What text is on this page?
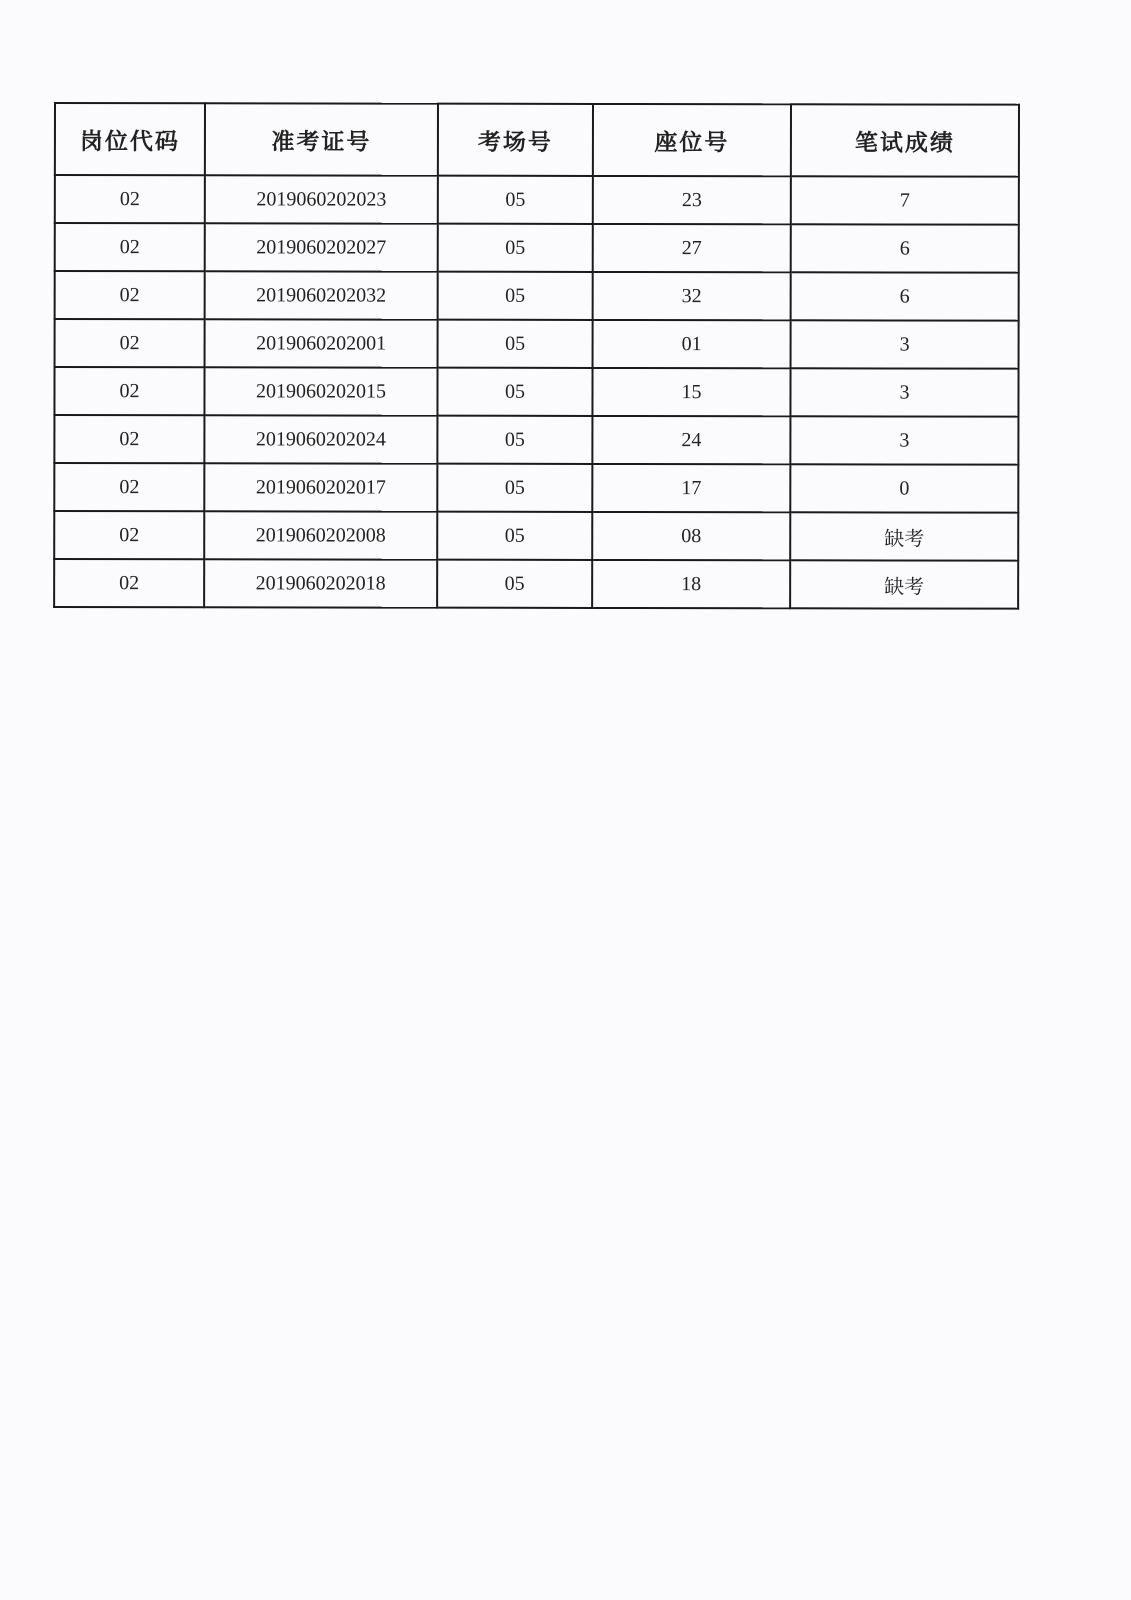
岗位代码	准考证号	考场号	座位号	笔试成绩
02	2019060202023	05	23	7
02	2019060202027	05	27	6
02	2019060202032	05	32	6
02	2019060202001	05	01	3
02	2019060202015	05	15	3
02	2019060202024	05	24	3
02	2019060202017	05	17	0
02	2019060202008	05	08	缺考
02	2019060202018	05	18	缺考
